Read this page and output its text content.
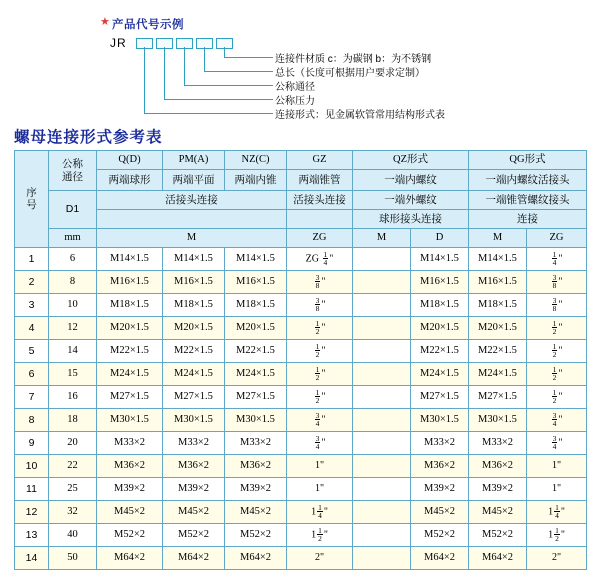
★ 产品代号示例
JR
连接件材质 c：为碳钢 b：为不锈钢
总长（长度可根据用户要求定制）
公称通径
公称压力
连接形式：见金属软管常用结构形式表
螺母连接形式参考表
序
号

公称
通径
	Q(D)	PM(A)	NZ(C)	GZ	QZ形式	QG形式
		两端球形	两端平面	两端内锥	两端锥管	一端内螺纹		一端内螺纹活接头	
	D1	活接头连接			活接头连接	一端外螺纹		一端锥管螺纹接头	
						球形接头连接		连接	
	mm	M			ZG	M	D	M	ZG
1	6	M14×1.5	M14×1.5	M14×1.5	ZG $\frac{1}{4}$ "		M14×1.5	M14×1.5	$\frac{1}{4}$ "
2	8	M16×1.5	M16×1.5	M16×1.5	$\frac{3}{8}$ "		M16×1.5	M16×1.5	$\frac{3}{8}$ "
3	10	M18×1.5	M18×1.5	M18×1.5	$\frac{3}{8}$ "		M18×1.5	M18×1.5	$\frac{3}{8}$ "
4	12	M20×1.5	M20×1.5	M20×1.5	$\frac{1}{2}$ "		M20×1.5	M20×1.5	$\frac{1}{2}$ "
5	14	M22×1.5	M22×1.5	M22×1.5	$\frac{1}{2}$ "		M22×1.5	M22×1.5	$\frac{1}{2}$ "
6	15	M24×1.5	M24×1.5	M24×1.5	$\frac{1}{2}$ "		M24×1.5	M24×1.5	$\frac{1}{2}$ "
7	16	M27×1.5	M27×1.5	M27×1.5	$\frac{1}{2}$ "		M27×1.5	M27×1.5	$\frac{1}{2}$ "
8	18	M30×1.5	M30×1.5	M30×1.5	$\frac{3}{4}$ "		M30×1.5	M30×1.5	$\frac{3}{4}$ "
9	20	M33×2	M33×2	M33×2	$\frac{3}{4}$ "		M33×2	M33×2	$\frac{3}{4}$ "
10	22	M36×2	M36×2	M36×2	1"		M36×2	M36×2	1"
11	25	M39×2	M39×2	M39×2	1"		M39×2	M39×2	1"
12	32	M45×2	M45×2	M45×2	$1 \frac{1}{4}$ "		M45×2	M45×2	$1 \frac{1}{4}$ "
13	40	M52×2	M52×2	M52×2	$1 \frac{1}{2}$ "		M52×2	M52×2	$1 \frac{1}{2}$ "
14	50	M64×2	M64×2	M64×2	2"		M64×2	M64×2	2"
